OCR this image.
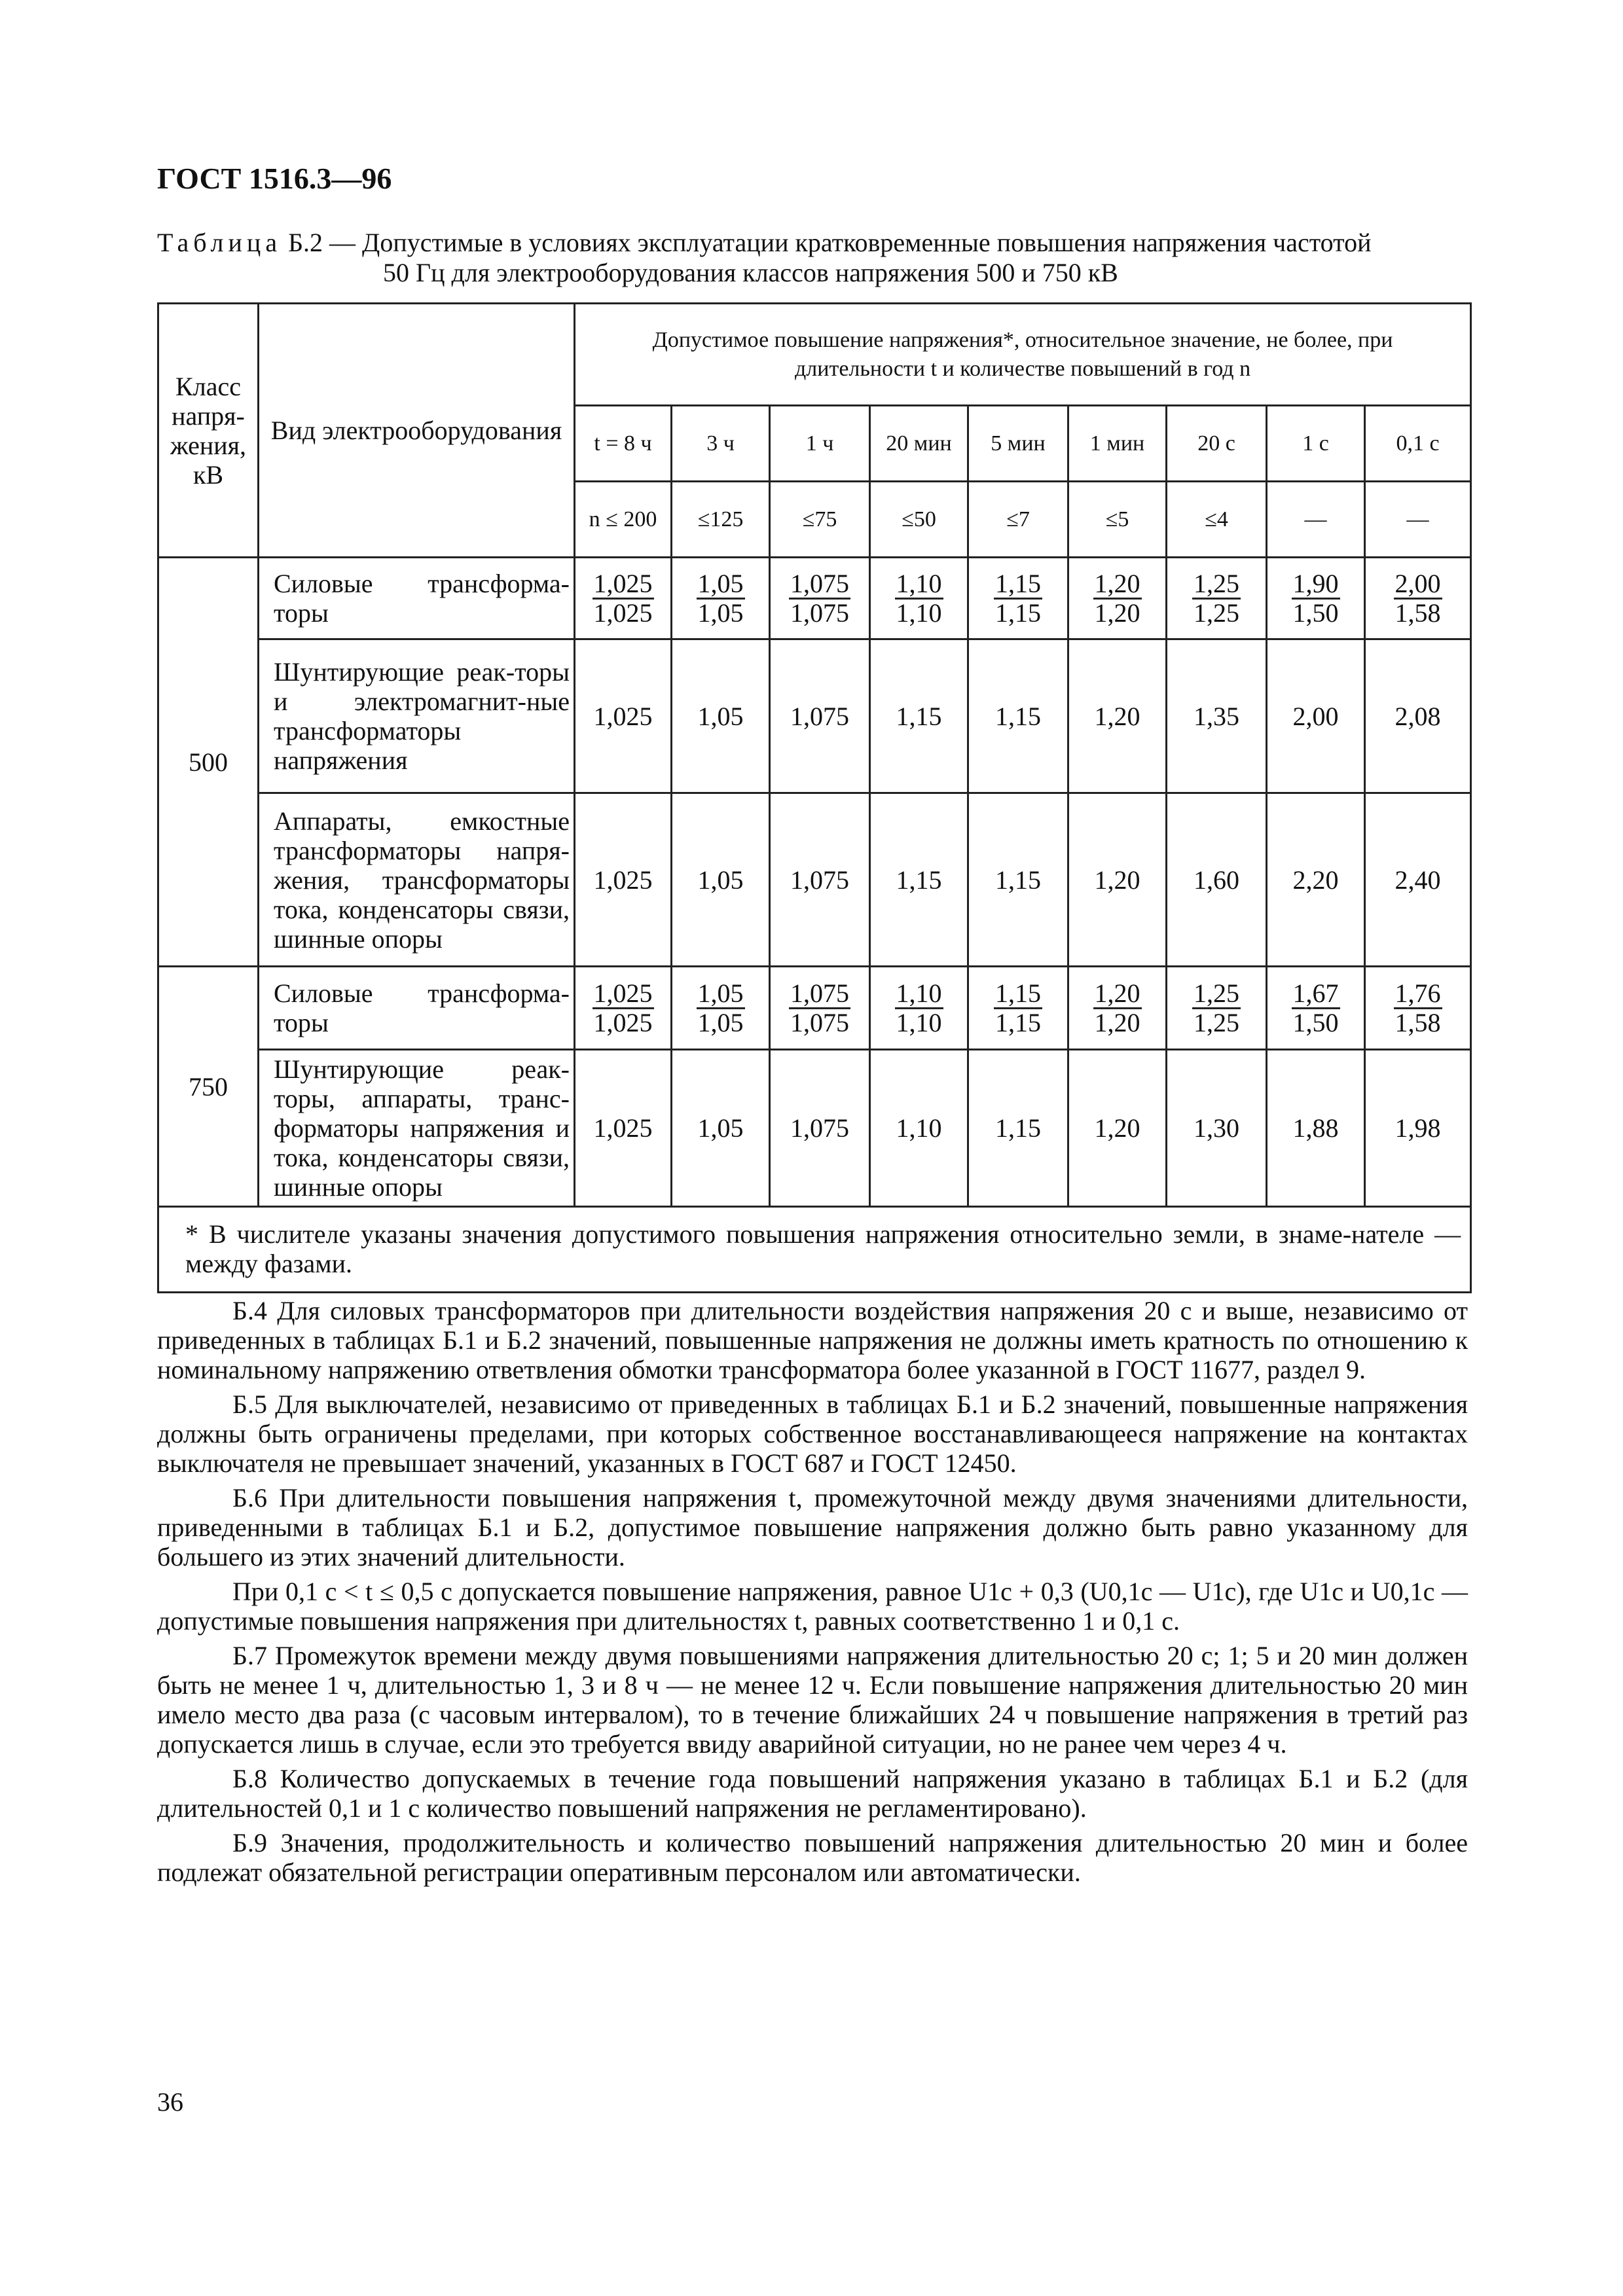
ГОСТ 1516.3—96
Таблица Б.2 — Допустимые в условиях эксплуатации кратковременные повышения напряжения частотой
50 Гц для электрооборудования классов напряжения 500 и 750 кВ
Класс напря-жения, кВ	Вид электрооборудования	Допустимое повышение напряжения*, относительное значение, не более, при длительности t и количестве повышений в год n								
		t = 8 ч	3 ч	1 ч	20 мин	5 мин	1 мин	20 с	1 с	0,1 с
		n ≤ 200	≤125	≤75	≤50	≤7	≤5	≤4	—	—
500	Силовые трансформа-торы	$\frac{1,025}{1,025}$	$\frac{1,05}{1,05}$	$\frac{1,075}{1,075}$	$\frac{1,10}{1,10}$	$\frac{1,15}{1,15}$	$\frac{1,20}{1,20}$	$\frac{1,25}{1,25}$	$\frac{1,90}{1,50}$	$\frac{2,00}{1,58}$

	Шунтирующие реак-торы и электромагнит-ные трансформаторы напряжения	1,025	1,05	1,075	1,15	1,15	1,20	1,35	2,00	2,08
	Аппараты, емкостные трансформаторы напря-жения, трансформаторы тока, конденсаторы связи, шинные опоры	1,025	1,05	1,075	1,15	1,15	1,20	1,60	2,20	2,40
750	Силовые трансформа-торы	$\frac{1,025}{1,025}$	$\frac{1,05}{1,05}$	$\frac{1,075}{1,075}$	$\frac{1,10}{1,10}$	$\frac{1,15}{1,15}$	$\frac{1,20}{1,20}$	$\frac{1,25}{1,25}$	$\frac{1,67}{1,50}$	$\frac{1,76}{1,58}$

	Шунтирующие реак-торы, аппараты, транс-форматоры напряжения и тока, конденсаторы связи, шинные опоры	1,025	1,05	1,075	1,10	1,15	1,20	1,30	1,88	1,98
* В числителе указаны значения допустимого повышения напряжения относительно земли, в знаме-нателе — между фазами.										

Б.4 Для силовых трансформаторов при длительности воздействия напряжения 20 с и выше, независимо от приведенных в таблицах Б.1 и Б.2 значений, повышенные напряжения не должны иметь кратность по отношению к номинальному напряжению ответвления обмотки трансформатора более указанной в ГОСТ 11677, раздел 9.

Б.5 Для выключателей, независимо от приведенных в таблицах Б.1 и Б.2 значений, повышенные напряжения должны быть ограничены пределами, при которых собственное восстанавливающееся напряжение на контактах выключателя не превышает значений, указанных в ГОСТ 687 и ГОСТ 12450.

Б.6 При длительности повышения напряжения t, промежуточной между двумя значениями длительности, приведенными в таблицах Б.1 и Б.2, допустимое повышение напряжения должно быть равно указанному для большего из этих значений длительности.

При 0,1 с < t ≤ 0,5 с допускается повышение напряжения, равное U1c + 0,3 (U0,1c — U1c), где U1c и U0,1c — допустимые повышения напряжения при длительностях t, равных соответственно 1 и 0,1 с.

Б.7 Промежуток времени между двумя повышениями напряжения длительностью 20 с; 1; 5 и 20 мин должен быть не менее 1 ч, длительностью 1, 3 и 8 ч — не менее 12 ч. Если повышение напряжения длительностью 20 мин имело место два раза (с часовым интервалом), то в течение ближайших 24 ч повышение напряжения в третий раз допускается лишь в случае, если это требуется ввиду аварийной ситуации, но не ранее чем через 4 ч.

Б.8 Количество допускаемых в течение года повышений напряжения указано в таблицах Б.1 и Б.2 (для длительностей 0,1 и 1 с количество повышений напряжения не регламентировано).

Б.9 Значения, продолжительность и количество повышений напряжения длительностью 20 мин и более подлежат обязательной регистрации оперативным персоналом или автоматически.

36
